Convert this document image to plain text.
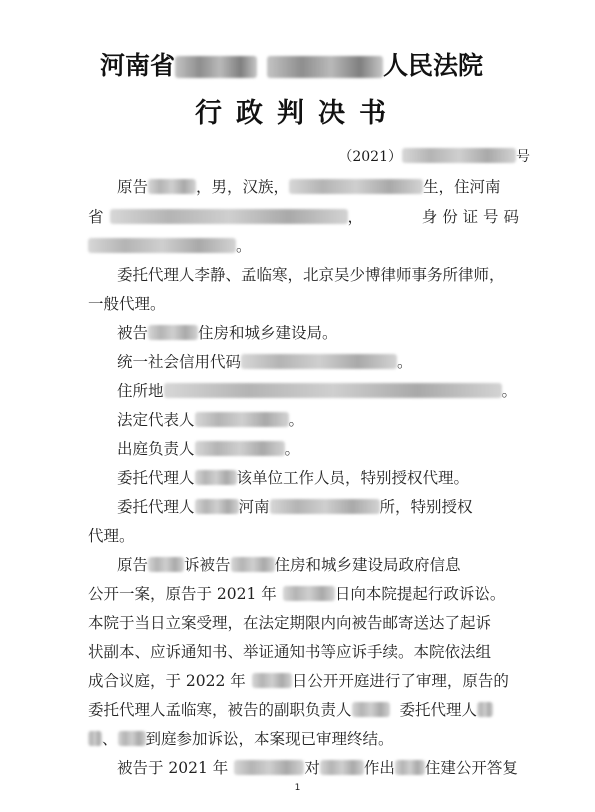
河南省	人民法院
行政判决书
（2021）	号
原告	，男，汉族，	生，住河南
省	，	身 份 证 号 码
。
委托代理人李静、孟临寒，北京吴少博律师事务所律师，
一般代理。
被告	住房和城乡建设局。
统一社会信用代码	。
住所地	。
法定代表人	。
出庭负责人	。
委托代理人	该单位工作人员，特别授权代理。
委托代理人	河南	所，特别授权
代理。
原告 诉被告	住房和城乡建设局政府信息
公开一案，原告于 2021 年	日向本院提起行政诉讼。
本院于当日立案受理，在法定期限内向被告邮寄送达了起诉
状副本、应诉通知书、举证通知书等应诉手续。本院依法组
成合议庭，于 2022 年	日公开开庭进行了审理，原告的
委托代理人孟临寒，被告的副职负责人	委托代理人
、 到庭参加诉讼，本案现已审理终结。
被告于 2021 年	对	作出 住建公开答复
1
